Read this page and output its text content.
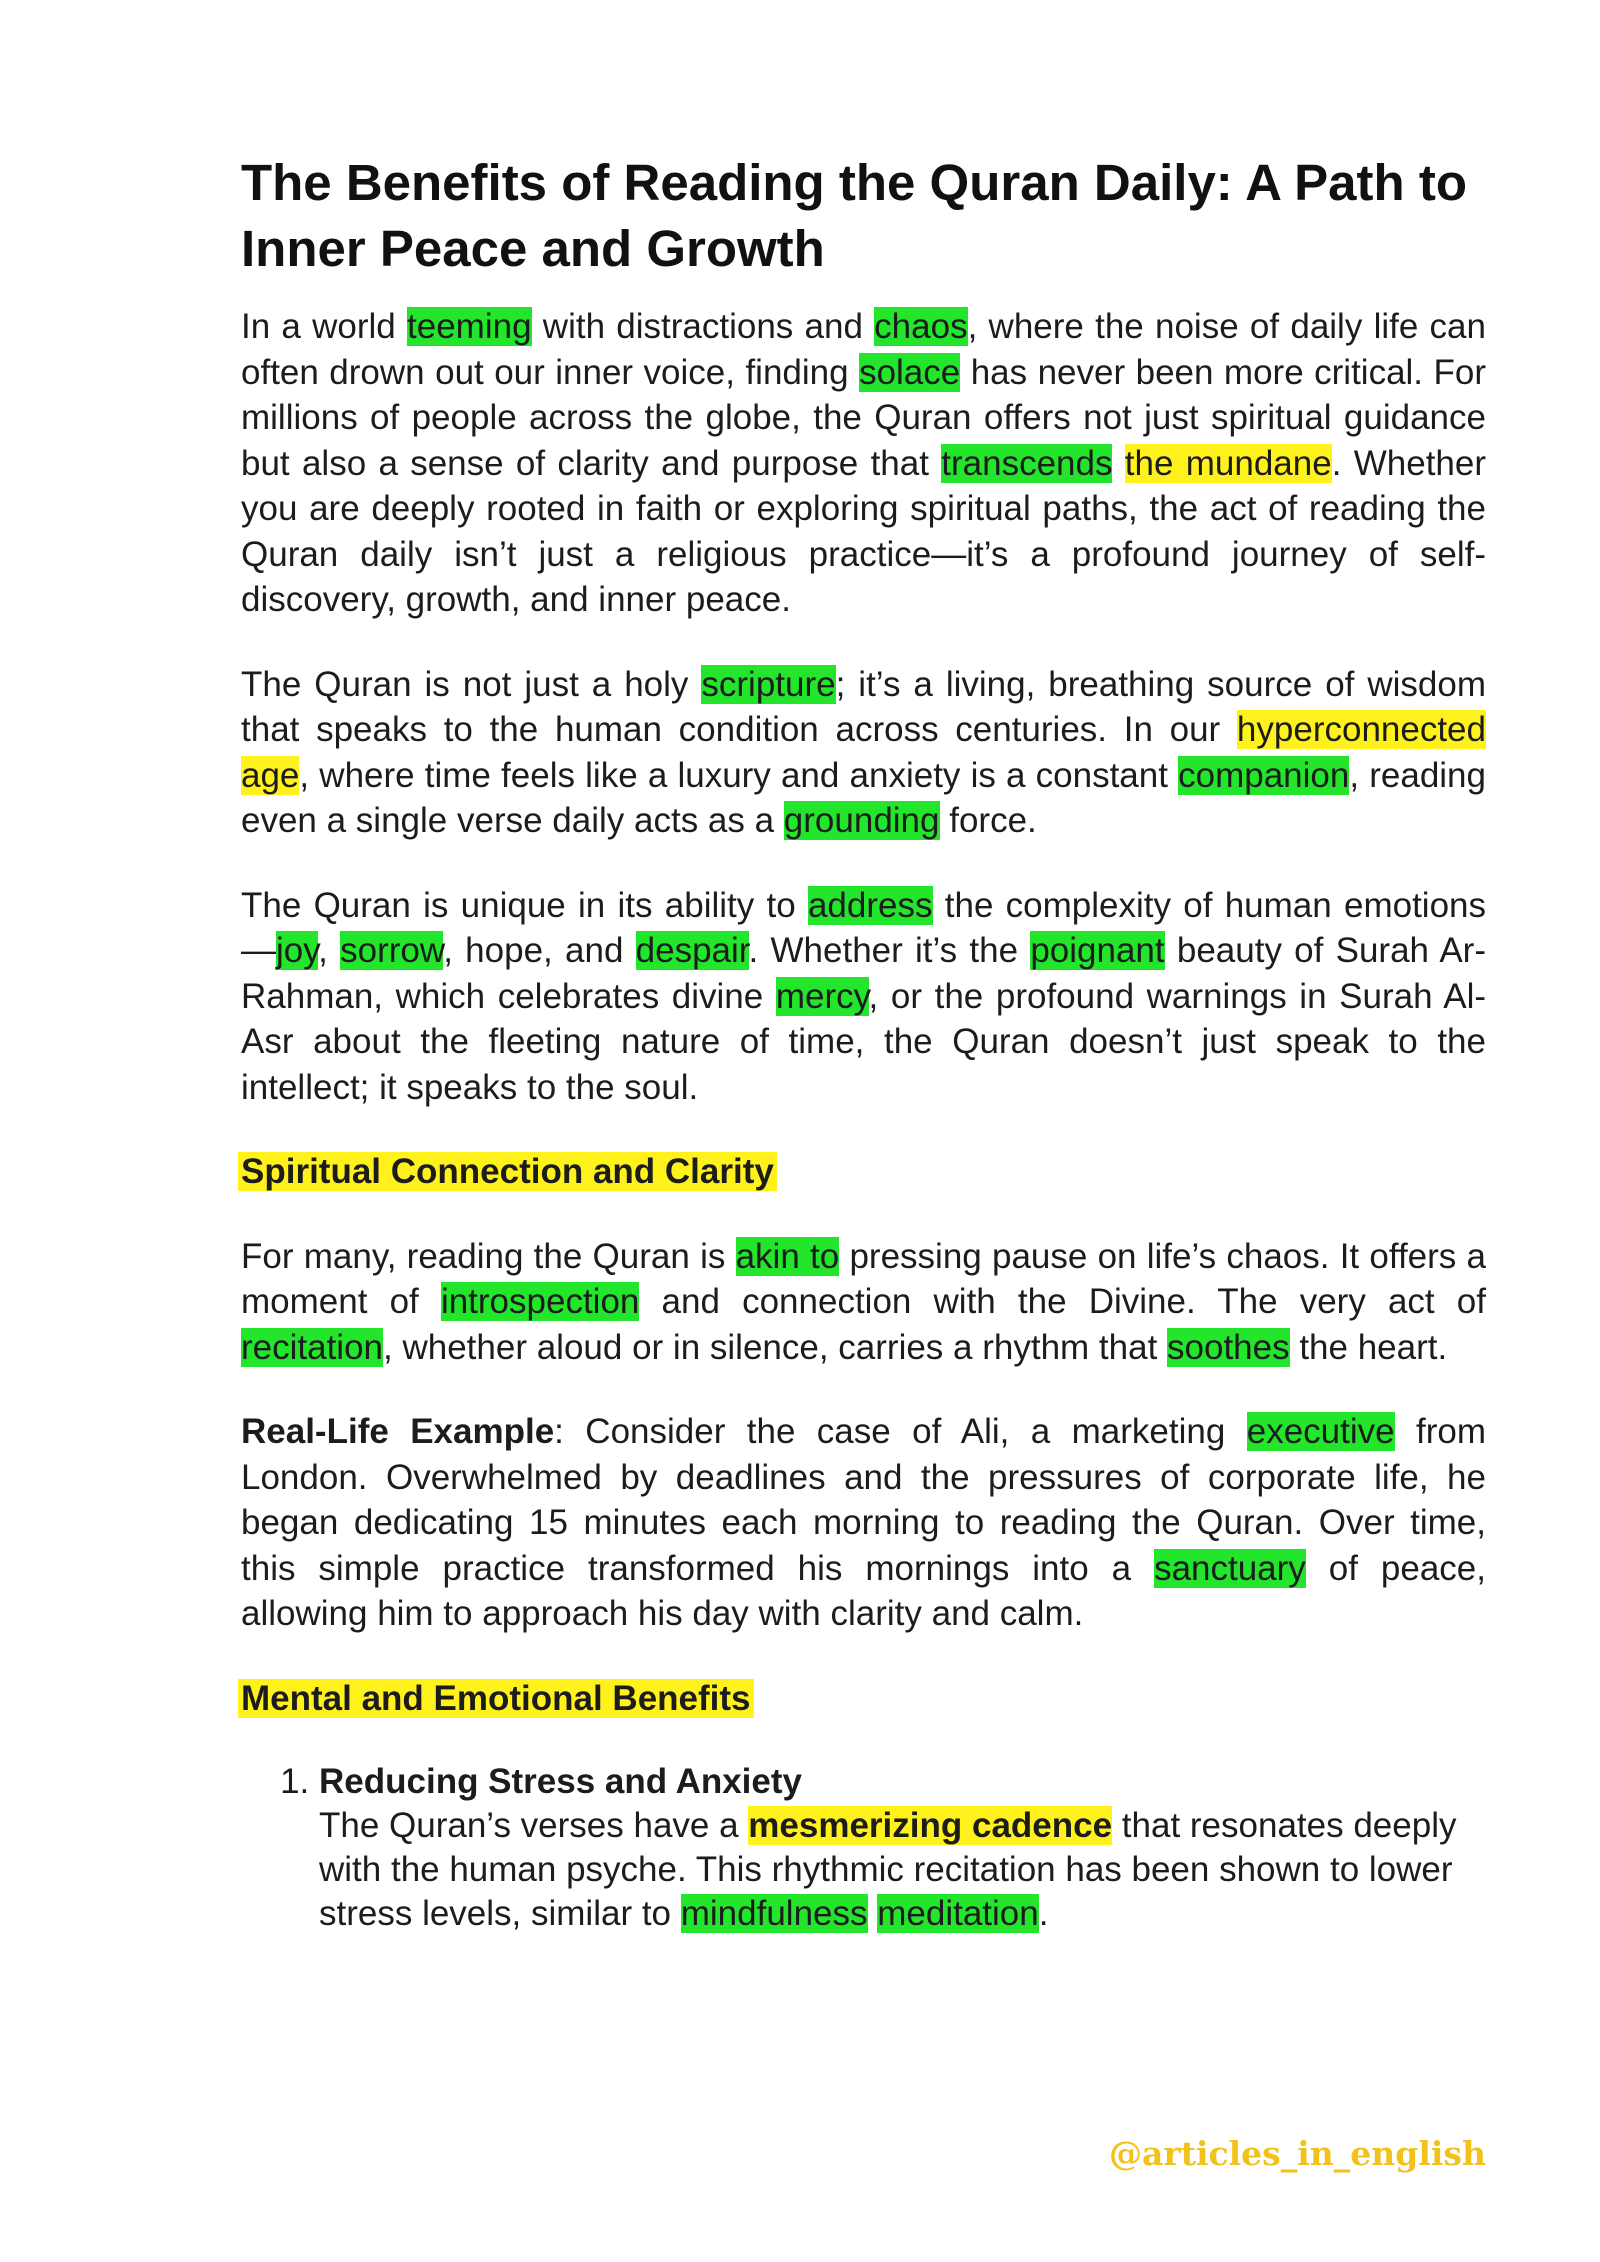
The Benefits of Reading the Quran Daily: A Path to Inner Peace and Growth

In a world teeming with distractions and chaos, where the noise of daily life can often drown out our inner voice, finding solace has never been more critical. For millions of people across the globe, the Quran offers not just spiritual guidance but also a sense of clarity and purpose that transcends the mundane. Whether you are deeply rooted in faith or exploring spiritual paths, the act of reading the Quran daily isn’t just a religious practice—it’s a profound journey of self-discovery, growth, and inner peace.

The Quran is not just a holy scripture; it’s a living, breathing source of wisdom that speaks to the human condition across centuries. In our hyperconnected age, where time feels like a luxury and anxiety is a constant companion, reading even a single verse daily acts as a grounding force.

The Quran is unique in its ability to address the complexity of human emotions—joy, sorrow, hope, and despair. Whether it’s the poignant beauty of Surah Ar-Rahman, which celebrates divine mercy, or the profound warnings in Surah Al-Asr about the fleeting nature of time, the Quran doesn’t just speak to the intellect; it speaks to the soul.

Spiritual Connection and Clarity

For many, reading the Quran is akin to pressing pause on life’s chaos. It offers a moment of introspection and connection with the Divine. The very act of recitation, whether aloud or in silence, carries a rhythm that soothes the heart.

Real-Life Example: Consider the case of Ali, a marketing executive from London. Overwhelmed by deadlines and the pressures of corporate life, he began dedicating 15 minutes each morning to reading the Quran. Over time, this simple practice transformed his mornings into a sanctuary of peace, allowing him to approach his day with clarity and calm.

Mental and Emotional Benefits
1. Reducing Stress and Anxiety

The Quran’s verses have a mesmerizing cadence that resonates deeply with the human psyche. This rhythmic recitation has been shown to lower stress levels, similar to mindfulness meditation.

@articles_in_english
